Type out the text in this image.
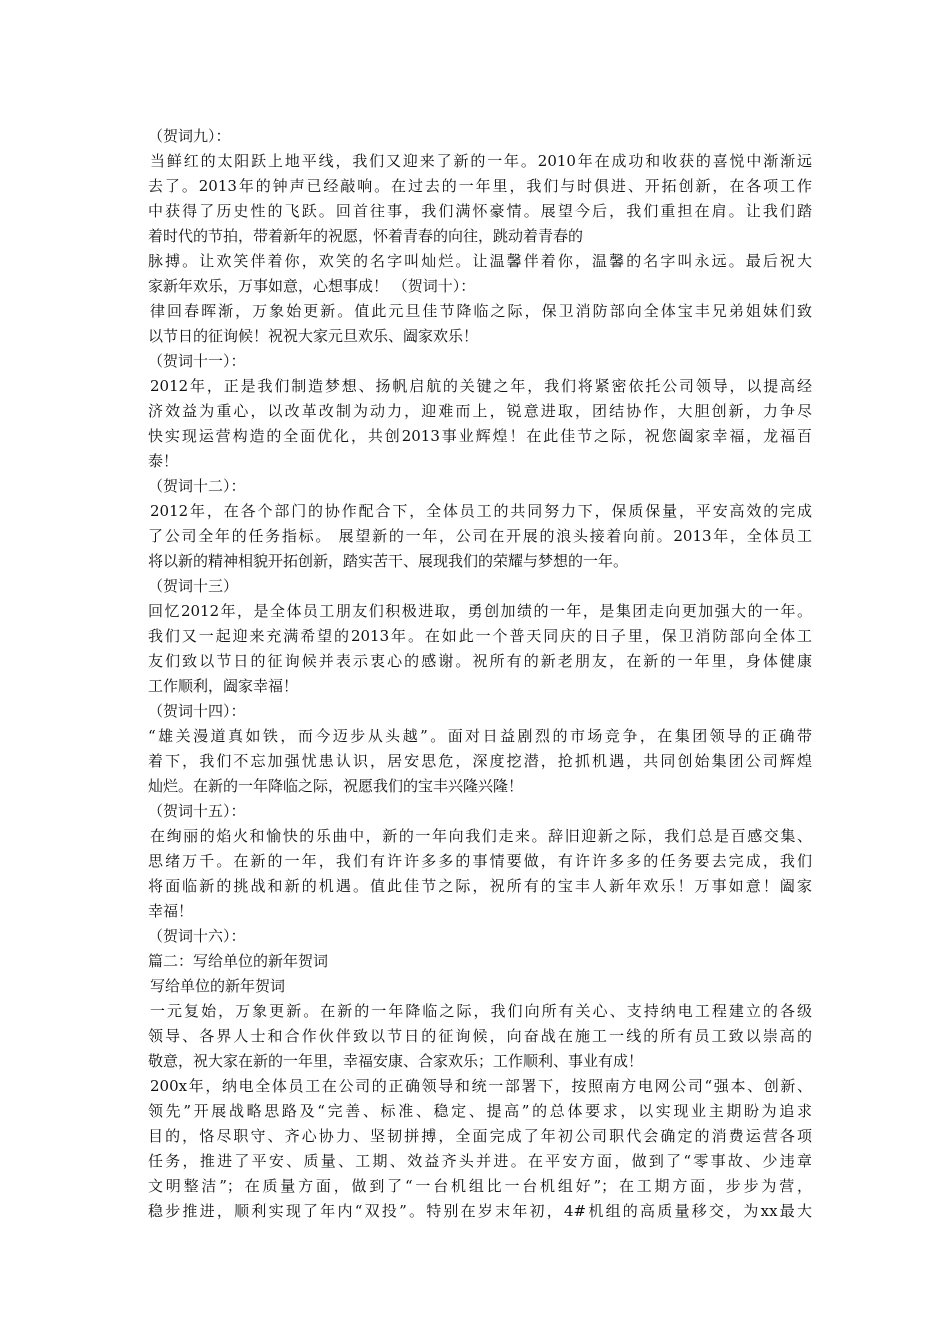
（贺词九）：
当鲜红的太阳跃上地平线，我们又迎来了新的一年。2010年在成功和收获的喜悦中渐渐远
去了。2013年的钟声已经敲响。在过去的一年里，我们与时俱进、开拓创新，在各项工作
中获得了历史性的飞跃。回首往事，我们满怀豪情。展望今后，我们重担在肩。让我们踏
着时代的节拍，带着新年的祝愿，怀着青春的向往，跳动着青春的
脉搏。让欢笑伴着你，欢笑的名字叫灿烂。让温馨伴着你，温馨的名字叫永远。最后祝大
家新年欢乐，万事如意，心想事成！ （贺词十）：
律回春晖渐，万象始更新。值此元旦佳节降临之际，保卫消防部向全体宝丰兄弟姐妹们致
以节日的征询候！祝祝大家元旦欢乐、阖家欢乐！
（贺词十一）：
2012年，正是我们制造梦想、扬帆启航的关键之年，我们将紧密依托公司领导，以提高经
济效益为重心，以改革改制为动力，迎难而上，锐意进取，团结协作，大胆创新，力争尽
快实现运营构造的全面优化，共创2013事业辉煌！在此佳节之际，祝您阖家幸福，龙福百
泰！
（贺词十二）：
2012年，在各个部门的协作配合下，全体员工的共同努力下，保质保量，平安高效的完成
了公司全年的任务指标。 展望新的一年，公司在开展的浪头接着向前。2013年，全体员工
将以新的精神相貌开拓创新，踏实苦干、展现我们的荣耀与梦想的一年。
（贺词十三）
回忆2012年，是全体员工朋友们积极进取，勇创加绩的一年，是集团走向更加强大的一年。
我们又一起迎来充满希望的2013年。在如此一个普天同庆的日子里，保卫消防部向全体工
友们致以节日的征询候并表示衷心的感谢。祝所有的新老朋友，在新的一年里，身体健康
工作顺利，阖家幸福！
（贺词十四）：
“雄关漫道真如铁，而今迈步从头越”。面对日益剧烈的市场竞争，在集团领导的正确带
着下，我们不忘加强忧患认识，居安思危，深度挖潜，抢抓机遇，共同创始集团公司辉煌
灿烂。在新的一年降临之际，祝愿我们的宝丰兴隆兴隆！
（贺词十五）：
在绚丽的焰火和愉快的乐曲中，新的一年向我们走来。辞旧迎新之际，我们总是百感交集、
思绪万千。在新的一年，我们有许许多多的事情要做，有许许多多的任务要去完成，我们
将面临新的挑战和新的机遇。值此佳节之际，祝所有的宝丰人新年欢乐！万事如意！阖家
幸福！
（贺词十六）：
篇二：写给单位的新年贺词
写给单位的新年贺词
一元复始，万象更新。在新的一年降临之际，我们向所有关心、支持纳电工程建立的各级
领导、各界人士和合作伙伴致以节日的征询候，向奋战在施工一线的所有员工致以崇高的
敬意，祝大家在新的一年里，幸福安康、合家欢乐；工作顺利、事业有成！
200x年，纳电全体员工在公司的正确领导和统一部署下，按照南方电网公司“强本、创新、
领先”开展战略思路及“完善、标准、稳定、提高”的总体要求，以实现业主期盼为追求
目的，恪尽职守、齐心协力、坚韧拼搏，全面完成了年初公司职代会确定的消费运营各项
任务，推进了平安、质量、工期、效益齐头并进。在平安方面，做到了“零事故、少违章
文明整洁”；在质量方面，做到了“一台机组比一台机组好”；在工期方面，步步为营，
稳步推进，顺利实现了年内“双投”。特别在岁末年初，4#机组的高质量移交，为xx最大
